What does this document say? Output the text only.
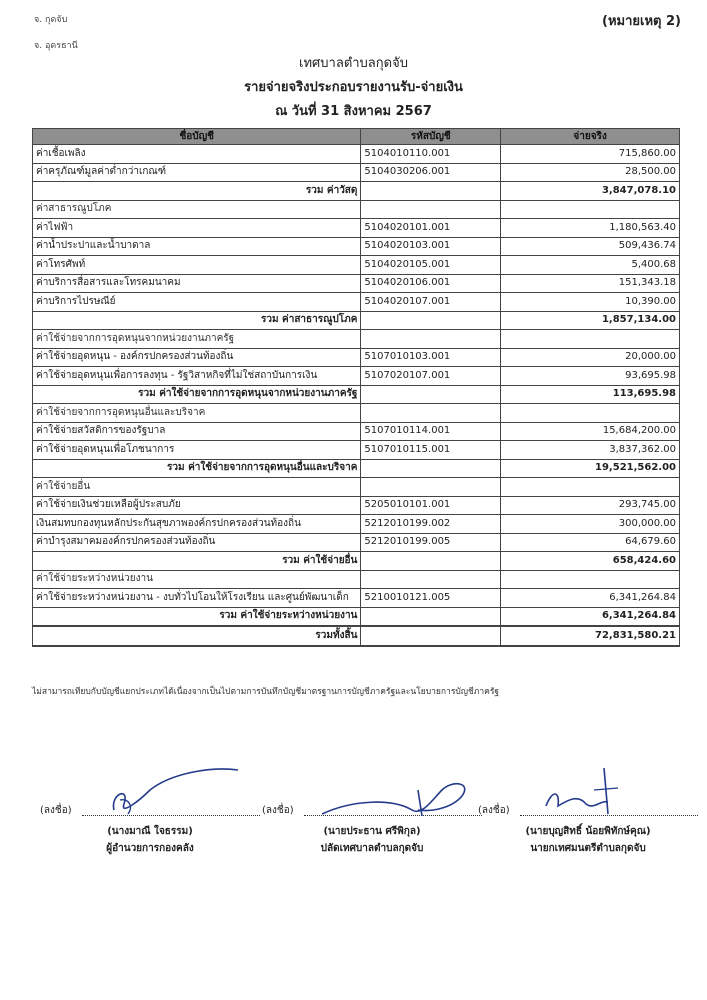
จ. กุดจับ
จ. อุดรธานี
(หมายเหตุ 2)
เทศบาลตำบลกุดจับ
รายจ่ายจริงประกอบรายงานรับ-จ่ายเงิน
ณ วันที่ 31 สิงหาคม 2567
ชื่อบัญชี	รหัสบัญชี	จ่ายจริง
ค่าเชื้อเพลิง	5104010110.001	715,860.00
ค่าครุภัณฑ์มูลค่าต่ำกว่าเกณฑ์	5104030206.001	28,500.00
รวม ค่าวัสดุ		3,847,078.10
ค่าสาธารณูปโภค		
ค่าไฟฟ้า	5104020101.001	1,180,563.40
ค่าน้ำประปาและน้ำบาดาล	5104020103.001	509,436.74
ค่าโทรศัพท์	5104020105.001	5,400.68
ค่าบริการสื่อสารและโทรคมนาคม	5104020106.001	151,343.18
ค่าบริการไปรษณีย์	5104020107.001	10,390.00
รวม ค่าสาธารณูปโภค		1,857,134.00
ค่าใช้จ่ายจากการอุดหนุนจากหน่วยงานภาครัฐ		
ค่าใช้จ่ายอุดหนุน - องค์กรปกครองส่วนท้องถิ่น	5107010103.001	20,000.00
ค่าใช้จ่ายอุดหนุนเพื่อการลงทุน - รัฐวิสาหกิจที่ไม่ใช่สถาบันการเงิน	5107020107.001	93,695.98
รวม ค่าใช้จ่ายจากการอุดหนุนจากหน่วยงานภาครัฐ		113,695.98
ค่าใช้จ่ายจากการอุดหนุนอื่นและบริจาค		
ค่าใช้จ่ายสวัสดิการของรัฐบาล	5107010114.001	15,684,200.00
ค่าใช้จ่ายอุดหนุนเพื่อโภชนาการ	5107010115.001	3,837,362.00
รวม ค่าใช้จ่ายจากการอุดหนุนอื่นและบริจาค		19,521,562.00
ค่าใช้จ่ายอื่น		
ค่าใช้จ่ายเงินช่วยเหลือผู้ประสบภัย	5205010101.001	293,745.00
เงินสมทบกองทุนหลักประกันสุขภาพองค์กรปกครองส่วนท้องถิ่น	5212010199.002	300,000.00
ค่าบำรุงสมาคมองค์กรปกครองส่วนท้องถิ่น	5212010199.005	64,679.60
รวม ค่าใช้จ่ายอื่น		658,424.60
ค่าใช้จ่ายระหว่างหน่วยงาน		
ค่าใช้จ่ายระหว่างหน่วยงาน - งบทั่วไปโอนให้โรงเรียน และศูนย์พัฒนาเด็ก	5210010121.005	6,341,264.84
รวม ค่าใช้จ่ายระหว่างหน่วยงาน		6,341,264.84
รวมทั้งสิ้น		72,831,580.21
ไม่สามารถเทียบกับบัญชีแยกประเภทได้เนื่องจากเป็นไปตามการบันทึกบัญชีมาตรฐานการบัญชีภาครัฐและนโยบายการบัญชีภาครัฐ
(ลงชื่อ)
(นางมาณี ใจธรรม)
ผู้อำนวยการกองคลัง
(ลงชื่อ)
(นายประธาน ศรีพิกุล)
ปลัดเทศบาลตำบลกุดจับ
(ลงชื่อ)
(นายบุญสิทธิ์ น้อยพิทักษ์คุณ)
นายกเทศมนตรีตำบลกุดจับ
